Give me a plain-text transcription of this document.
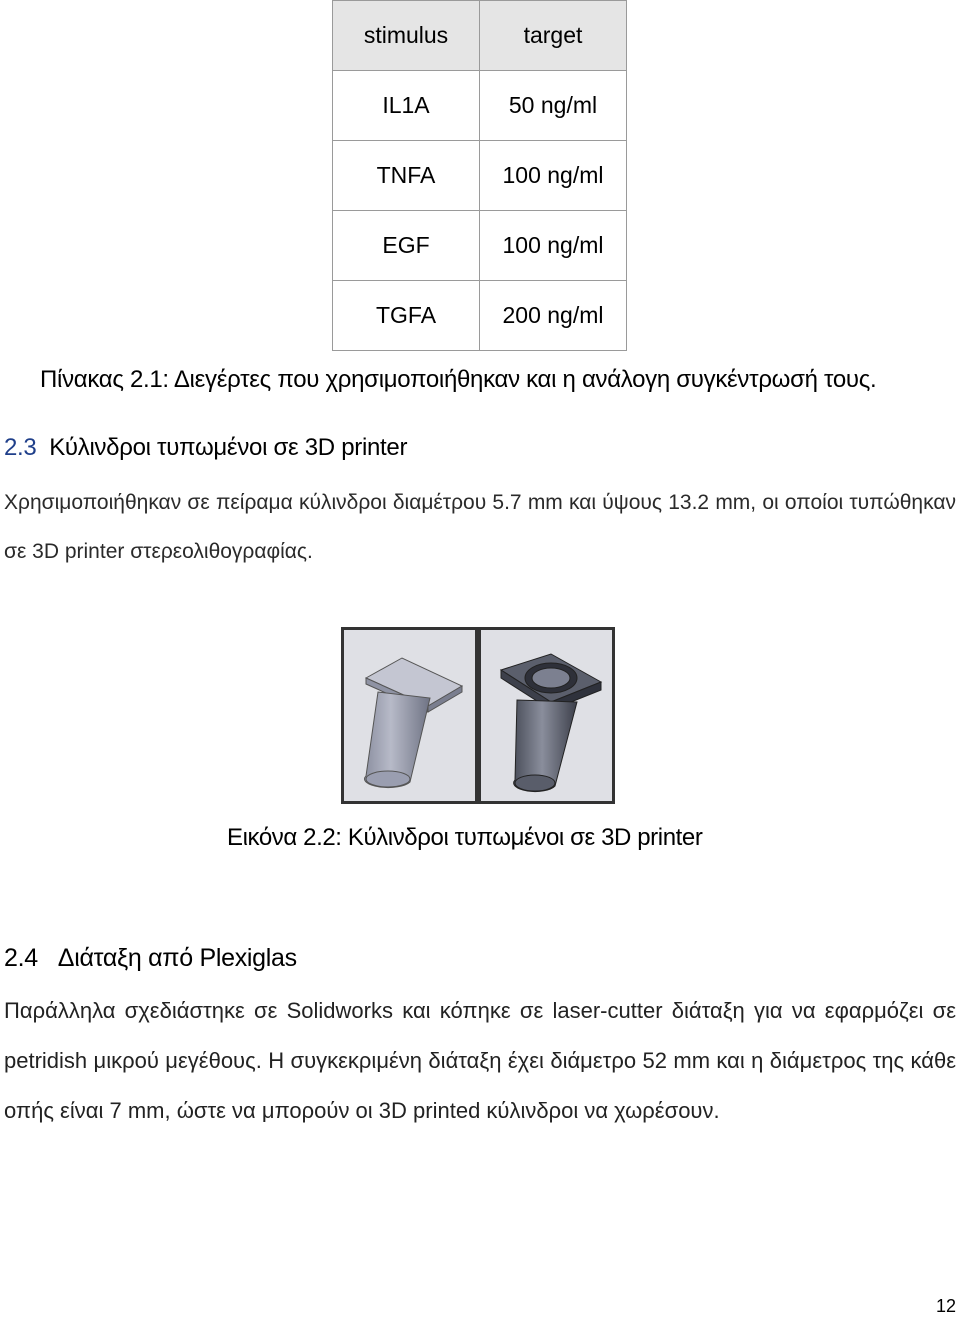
stimulus	target
IL1A	50 ng/ml
TNFA	100 ng/ml
EGF	100 ng/ml
TGFA	200 ng/ml
Πίνακας 2.1: Διεγέρτες που χρησιμοποιήθηκαν και η ανάλογη συγκέντρωσή τους.
2.3 Κύλινδροι τυπωμένοι σε 3D printer
Χρησιμοποιήθηκαν σε πείραμα κύλινδροι διαμέτρου 5.7 mm και ύψους 13.2 mm, οι οποίοι τυπώθηκαν σε 3D printer στερεολιθογραφίας.
Εικόνα 2.2: Κύλινδροι τυπωμένοι σε 3D printer
2.4 Διάταξη από Plexiglas
Παράλληλα σχεδιάστηκε σε Solidworks και κόπηκε σε laser-cutter διάταξη για να εφαρμόζει σε petridish μικρού μεγέθους. Η συγκεκριμένη διάταξη έχει διάμετρο 52 mm και η διάμετρος της κάθε οπής είναι 7 mm, ώστε να μπορούν οι 3D printed κύλινδροι να χωρέσουν.
12
